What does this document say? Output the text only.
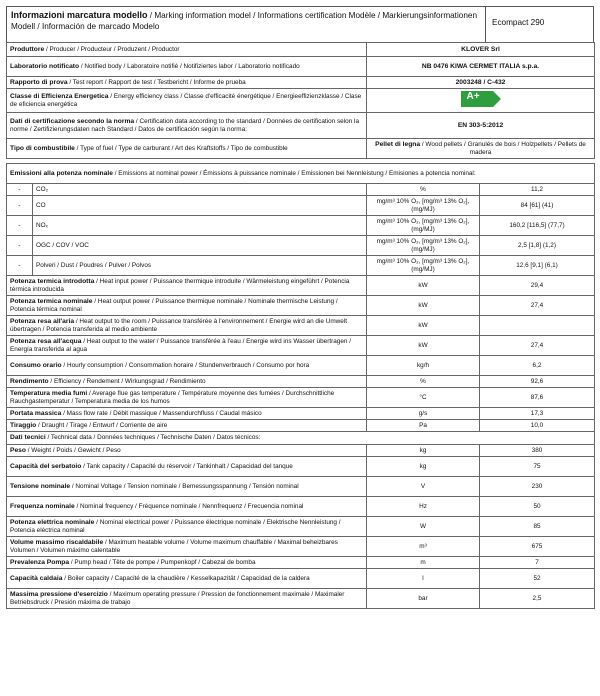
Informazioni marcatura modello / Marking information model / Informations certification Modèle / Markierungsinformationen Modell / Información de marcado Modelo	Ecompact 290
Produttore / Producer / Producteur / Produzent / Productor	KLOVER Srl
Laboratorio notificato / Notified body / Laboratoire notifié / Notifiziertes labor / Laboratorio notificado	NB 0476 KIWA CERMET ITALIA s.p.a.
Rapporto di prova / Test report / Rapport de test / Testbericht / Informe de prueba	2003248 / C-432
Classe di Efficienza Energetica / Energy efficiency class / Classe d'efficacité énergétique / Energieeffizienzklasse / Clase de eficiencia energética	A+

Dati di certificazione secondo la norma / Certification data according to the standard / Données de certification selon la norme / Zertifizierungsdaten nach Standard / Datos de certificación según la norma:	EN 303-5:2012
Tipo di combustibile / Type of fuel / Type de carburant / Art des Kraftstoffs / Tipo de combustible	Pellet di legna / Wood pellets / Granulés de bois / Holzpellets / Pellets de madera
Emissioni alla potenza nominale / Emissions at nominal power / Émissions à puissance nominale / Emissionen bei Nennleistung / Emisiones a potencia nominal:			
-	CO₂	%	11,2
-	CO	mg/m³ 10% O₂, [mg/m³ 13% O₂], (mg/MJ)	84 [61] (41)
-	NOₓ	mg/m³ 10% O₂, [mg/m³ 13% O₂], (mg/MJ)	160,2 [116,5] (77,7)
-	OGC / COV / VOC	mg/m³ 10% O₂, [mg/m³ 13% O₂], (mg/MJ)	2,5 [1,8] (1,2)
-	Polveri / Dust / Poudres / Pulver / Polvos	mg/m³ 10% O₂, [mg/m³ 13% O₂], (mg/MJ)	12,6 [9,1] (6,1)
Potenza termica introdotta / Heat input power / Puissance thermique introduite / Wärmeleistung eingeführt / Potencia térmica introducida		kW	29,4
Potenza termica nominale / Heat output power / Puissance thermique nominale / Nominale thermische Leistung / Potencia térmica nominal		kW	27,4
Potenza resa all'aria / Heat output to the room / Puissance transférée à l'environnement / Energie wird an die Umwelt übertragen / Potencia transferida al medio ambiente		kW	
Potenza resa all'acqua / Heat output to the water / Puissance transférée à l'eau / Energie wird ins Wasser übertragen / Energía transferida al agua		kW	27,4
Consumo orario / Hourly consumption / Consommation horaire / Stundenverbrauch / Consumo por hora		kg/h	6,2
Rendimento / Efficiency / Rendement / Wirkungsgrad / Rendimiento		%	92,6
Temperatura media fumi / Average flue gas temperature / Température moyenne des fumées / Durchschnittliche Rauchgastemperatur / Temperatura media de los humos		°C	87,6
Portata massica / Mass flow rate / Débit massique / Massendurchfluss / Caudal másico		g/s	17,3
Tiraggio / Draught / Tirage / Entwurf / Corriente de aire		Pa	10,0
Dati tecnici / Technical data / Données techniques / Technische Daten / Datos técnicos:			
Peso / Weight / Poids / Gewicht / Peso		kg	380
Capacità del serbatoio / Tank capacity / Capacité du réservoir / Tankinhalt / Capacidad del tanque		kg	75
Tensione nominale / Nominal Voltage / Tension nominale / Bemessungsspannung / Tensión nominal		V	230
Frequenza nominale / Nominal frequency / Fréquence nominale / Nennfrequenz / Frecuencia nominal		Hz	50
Potenza elettrica nominale / Nominal electrical power / Puissance électrique nominale / Elektrische Nennleistung / Potencia eléctrica nominal		W	85
Volume massimo riscaldabile / Maximum heatable volume / Volume maximum chauffable / Maximal beheizbares Volumen / Volumen máximo calentable		m³	675
Prevalenza Pompa / Pump head / Tête de pompe / Pumpenkopf / Cabezal de bomba		m	7
Capacità caldaia / Boiler capacity / Capacité de la chaudière / Kesselkapazität / Capacidad de la caldera		l	52
Massima pressione d'esercizio / Maximum operating pressure / Pression de fonctionnement maximale / Maximaler Betriebsdruck / Presión máxima de trabajo		bar	2,5
